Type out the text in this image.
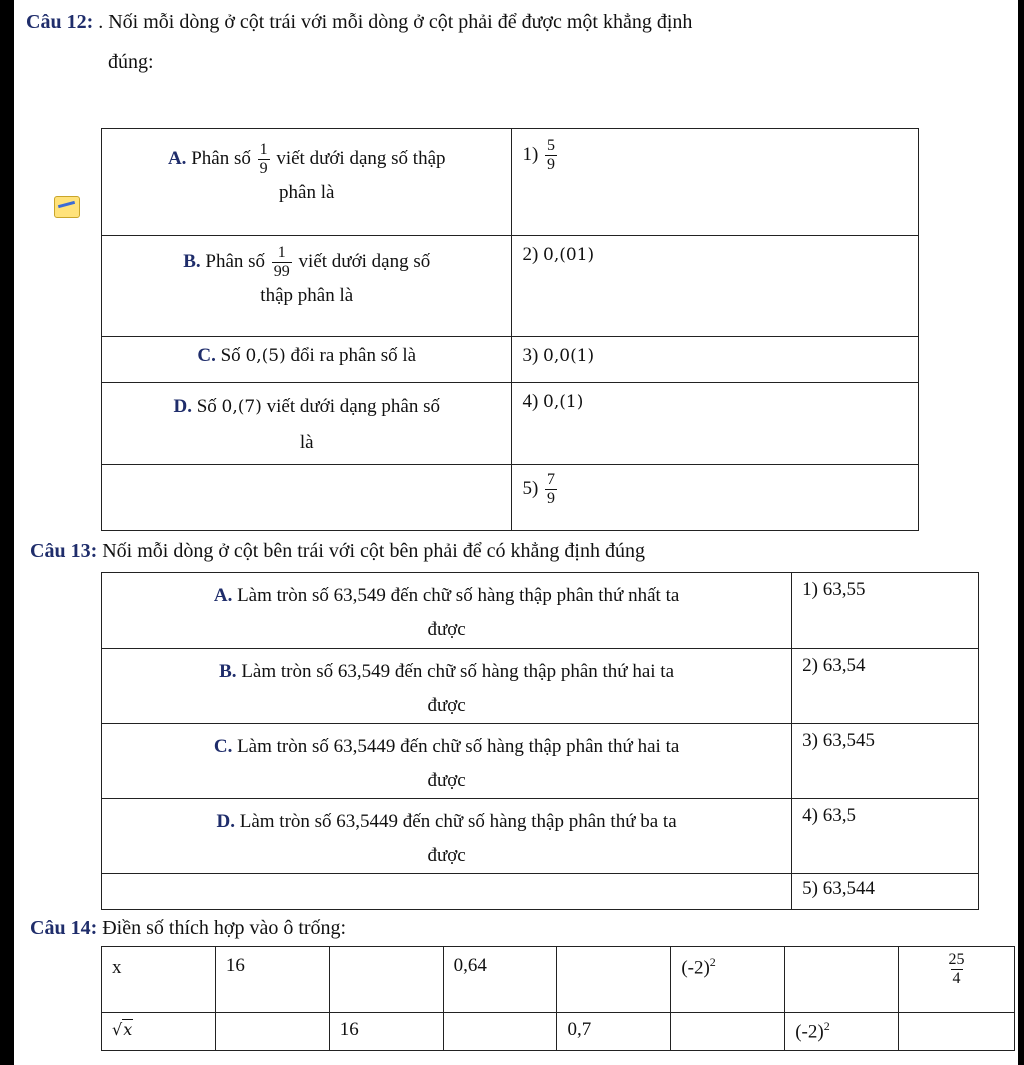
Câu 12: . Nối mỗi dòng ở cột trái với mỗi dòng ở cột phải để được một khẳng định
đúng:
A. Phân số $\frac{1}{9}$ viết dưới dạng số thập
phân là	$1) \frac{5}{9}$

B. Phân số $\frac{1}{99}$ viết dưới dạng số
thập phân là	2) 0,(01)
C. Số 0,(5) đổi ra phân số là	3) 0,0(1)
D. Số 0,(7) viết dưới dạng phân số
là	4) 0,(1)
	$5) \frac{7}{9}$
Câu 13: Nối mỗi dòng ở cột bên trái với cột bên phải để có khẳng định đúng
A. Làm tròn số 63,549 đến chữ số hàng thập phân thứ nhất ta
được	1) 63,55
B. Làm tròn số 63,549 đến chữ số hàng thập phân thứ hai ta
được	2) 63,54
C. Làm tròn số 63,5449 đến chữ số hàng thập phân thứ hai ta
được	3) 63,545
D. Làm tròn số 63,5449 đến chữ số hàng thập phân thứ ba ta
được	4) 63,5
	5) 63,544
Câu 14: Điền số thích hợp vào ô trống:
x	16		0,64		$(-2)^2$		$\frac{25}{4}$

√x		16		0,7		$(-2)^2$	
